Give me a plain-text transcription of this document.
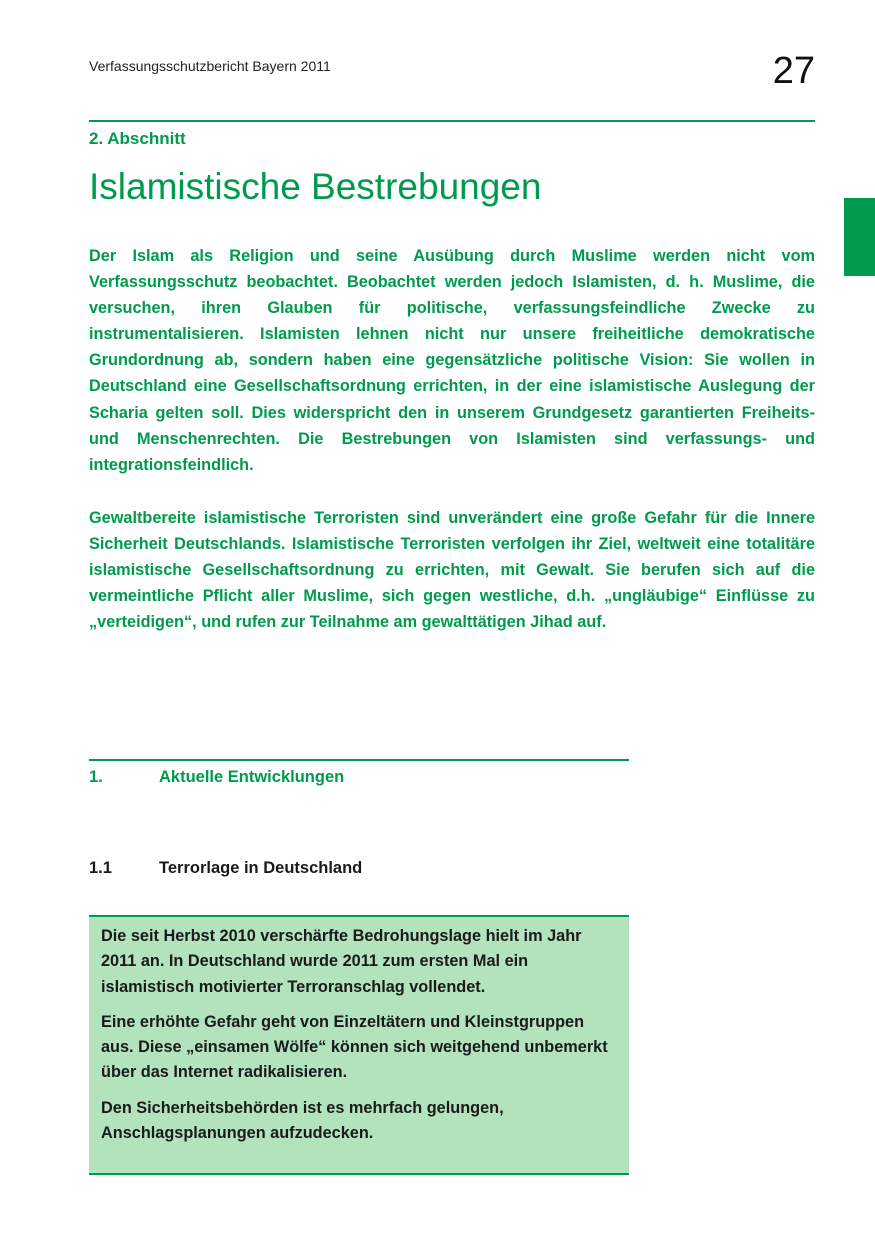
Verfassungsschutzbericht Bayern 2011	27
2. Abschnitt
Islamistische Bestrebungen

Der Islam als Religion und seine Ausübung durch Muslime werden nicht vom Verfassungsschutz beobachtet. Beobachtet werden jedoch Islamisten, d. h. Muslime, die versuchen, ihren Glauben für politische, verfassungsfeindliche Zwecke zu instrumentalisieren. Islamisten lehnen nicht nur unsere freiheitliche demokratische Grundordnung ab, sondern haben eine gegensätzliche politische Vision: Sie wollen in Deutschland eine Gesellschaftsordnung errichten, in der eine islamistische Auslegung der Scharia gelten soll. Dies widerspricht den in unserem Grundgesetz garantierten Freiheits- und Menschenrechten. Die Bestrebungen von Islamisten sind verfassungs- und integrationsfeindlich.

Gewaltbereite islamistische Terroristen sind unverändert eine große Gefahr für die Innere Sicherheit Deutschlands. Islamistische Terroristen verfolgen ihr Ziel, weltweit eine totalitäre islamistische Gesellschaftsordnung zu errichten, mit Gewalt. Sie berufen sich auf die vermeintliche Pflicht aller Muslime, sich gegen westliche, d.h. „ungläubige“ Einflüsse zu „verteidigen“, und rufen zur Teilnahme am gewalttätigen Jihad auf.

1.	Aktuelle Entwicklungen
1.1	Terrorlage in Deutschland

Die seit Herbst 2010 verschärfte Bedrohungslage hielt im Jahr 2011 an. In Deutschland wurde 2011 zum ersten Mal ein islamistisch motivierter Terroranschlag vollendet.

Eine erhöhte Gefahr geht von Einzeltätern und Kleinstgruppen aus. Diese „einsamen Wölfe“ können sich weitgehend unbemerkt über das Internet radikalisieren.

Den Sicherheitsbehörden ist es mehrfach gelungen, Anschlagsplanungen aufzudecken.
